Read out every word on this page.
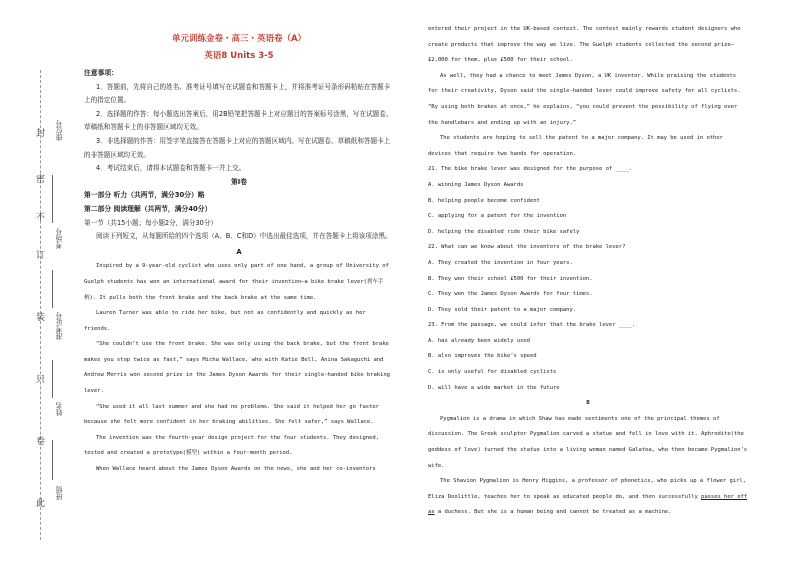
此
卷
只
装
订
不
密
封
班级
姓名
准考证号
考场号
座位号

单元训练金卷・高三・英语卷（A）

英语8 Units 3-5

注意事项：

1．答题前，先将自己的姓名、准考证号填写在试题卷和答题卡上，并将准考证号条形码粘贴在答题卡上的指定位置。

2．选择题的作答：每小题选出答案后，用2B铅笔把答题卡上对应题目的答案标号涂黑，写在试题卷、草稿纸和答题卡上的非答题区域均无效。

3．非选择题的作答：用签字笔直接答在答题卡上对应的答题区域内。写在试题卷、草稿纸和答题卡上的非答题区域均无效。

4．考试结束后，请将本试题卷和答题卡一并上交。

第Ⅰ卷

第一部分 听力（共两节，满分30分）略

第二部分 阅读理解（共两节，满分40分）

第一节（共15小题；每小题2分，满分30分）

阅读下列短文，从每题所给的四个选项（A、B、C和D）中选出最佳选项，并在答题卡上将该项涂黑。

A

Inspired by a 9-year-old cyclist who uses only part of one hand, a group of University of Guelph students has won an international award for their invention—a bike brake lever(刹车手柄). It pulls both the front brake and the back brake at the same time.

Lauren Turner was able to ride her bike, but not as confidently and quickly as her friends.

“She couldn’t use the front brake. She was only using the back brake, but the front brake makes you stop twice as fast,” says Micha Wallace, who with Katie Bell, Anina Sakaguchi and Andrew Morris won second prize in the James Dyson Awards for their single-handed bike braking lever.

“She used it all last summer and she had no problems. She said it helped her go faster because she felt more confident in her braking abilities. She felt safer,” says Wallace.

The invention was the fourth-year design project for the four students. They designed, tested and created a prototype(模型) within a four-month period.

When Wallace heard about the James Dyson Awards on the news, she and her co-inventors

entered their project in the UK-based contest. The contest mainly rewards student designers who create products that improve the way we live. The Guelph students collected the second prize—£2,000 for them, plus £500 for their school.

As well, they had a chance to meet James Dyson, a UK inventor. While praising the students for their creativity, Dyson said the single-handed lever could improve safety for all cyclists. “By using both brakes at once,” he explains, “you could prevent the possibility of flying over the handlebars and ending up with an injury.”

The students are hoping to sell the patent to a major company. It may be used in other devices that require two hands for operation.

21. The bike brake lever was designed for the purpose of ____.

A. winning James Dyson Awards

B. helping people become confident

C. applying for a patent for the invention

D. helping the disabled ride their bike safely

22. What can we know about the inventors of the brake lever?

A. They created the invention in four years.

B. They won their school £500 for their invention.

C. They won the James Dyson Awards for four times.

D. They sold their patent to a major company.

23. From the passage, we could infer that the brake lever ____.

A. has already been widely used

B. also improves the bike’s speed

C. is only useful for disabled cyclists

D. will have a wide market in the future

B

Pygmalion is a drama in which Shaw has made sentiments one of the principal themes of discussion. The Greek sculptor Pygmalion carved a statue and fell in love with it. Aphrodite(the goddess of love) turned the statue into a living woman named Galatea, who then became Pygmalion’s wife.

The Shavion Pygmalion is Henry Higgins, a professor of phonetics, who picks up a flower girl, Eliza Doolittle, teaches her to speak as educated people do, and then successfully passes her off as a duchess. But she is a human being and cannot be treated as a machine.
